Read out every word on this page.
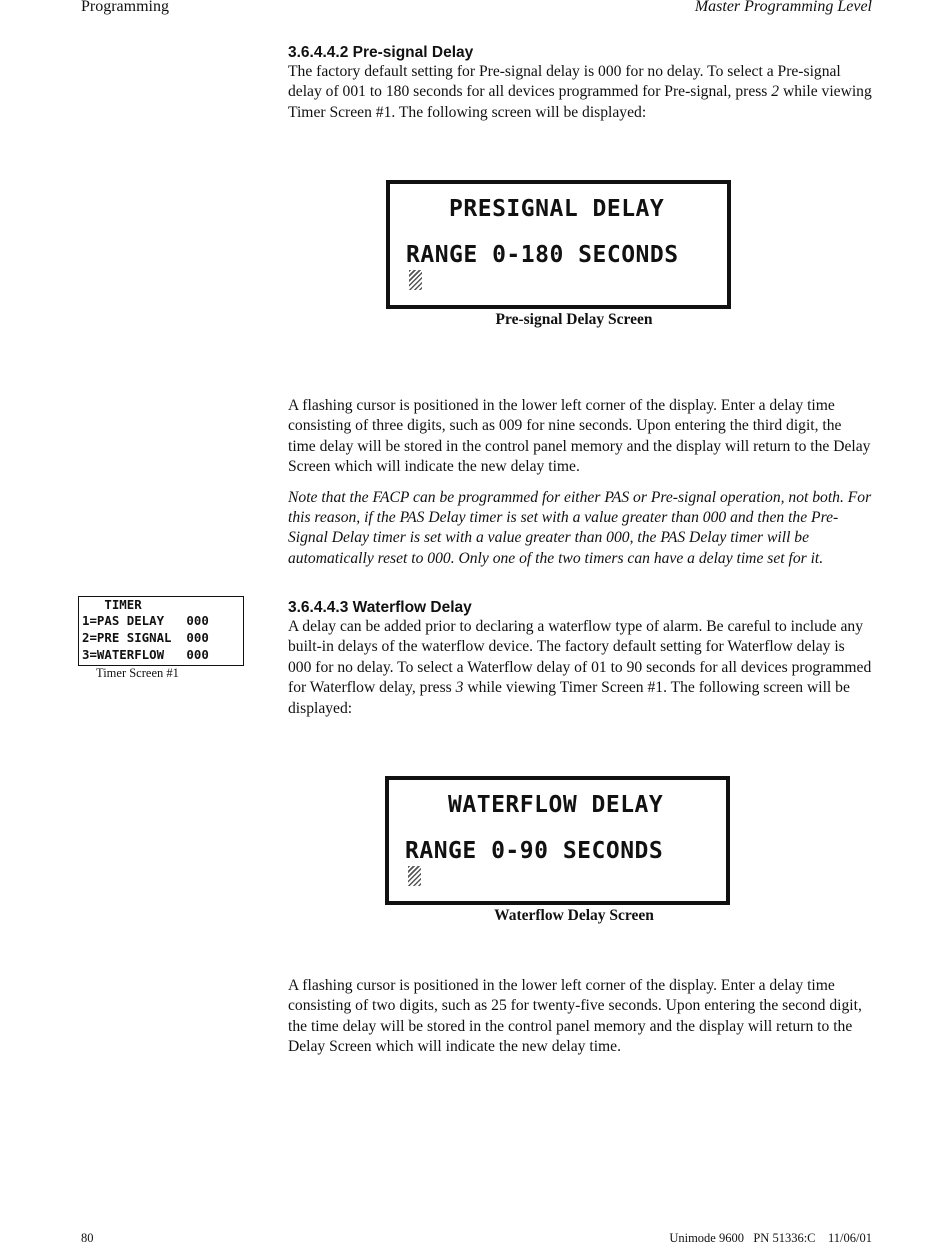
Programming	Master Programming Level

3.6.4.4.2 Pre-signal Delay

The factory default setting for Pre-signal delay is 000 for no delay. To select a Pre-signal delay of 001 to 180 seconds for all devices programmed for Pre-signal, press 2 while viewing Timer Screen #1. The following screen will be displayed:

PRESIGNAL DELAY
RANGE 0-180 SECONDS
Pre-signal Delay Screen

A flashing cursor is positioned in the lower left corner of the display. Enter a delay time consisting of three digits, such as 009 for nine seconds. Upon entering the third digit, the time delay will be stored in the control panel memory and the display will return to the Delay Screen which will indicate the new delay time.

Note that the FACP can be programmed for either PAS or Pre-signal operation, not both. For this reason, if the PAS Delay timer is set with a value greater than 000 and then the Pre-Signal Delay timer is set with a value greater than 000, the PAS Delay timer will be automatically reset to 000. Only one of the two timers can have a delay time set for it.

TIMER
1=PAS DELAY   000
2=PRE SIGNAL  000
3=WATERFLOW   000
Timer Screen #1

3.6.4.4.3 Waterflow Delay

A delay can be added prior to declaring a waterflow type of alarm. Be careful to include any built-in delays of the waterflow device. The factory default setting for Waterflow delay is 000 for no delay. To select a Waterflow delay of 01 to 90 seconds for all devices programmed for Waterflow delay, press 3 while viewing Timer Screen #1. The following screen will be displayed:

WATERFLOW DELAY
RANGE 0-90 SECONDS
Waterflow Delay Screen

A flashing cursor is positioned in the lower left corner of the display. Enter a delay time consisting of two digits, such as 25 for twenty-five seconds. Upon entering the second digit, the time delay will be stored in the control panel memory and the display will return to the Delay Screen which will indicate the new delay time.

80	Unimode 9600   PN 51336:C    11/06/01
